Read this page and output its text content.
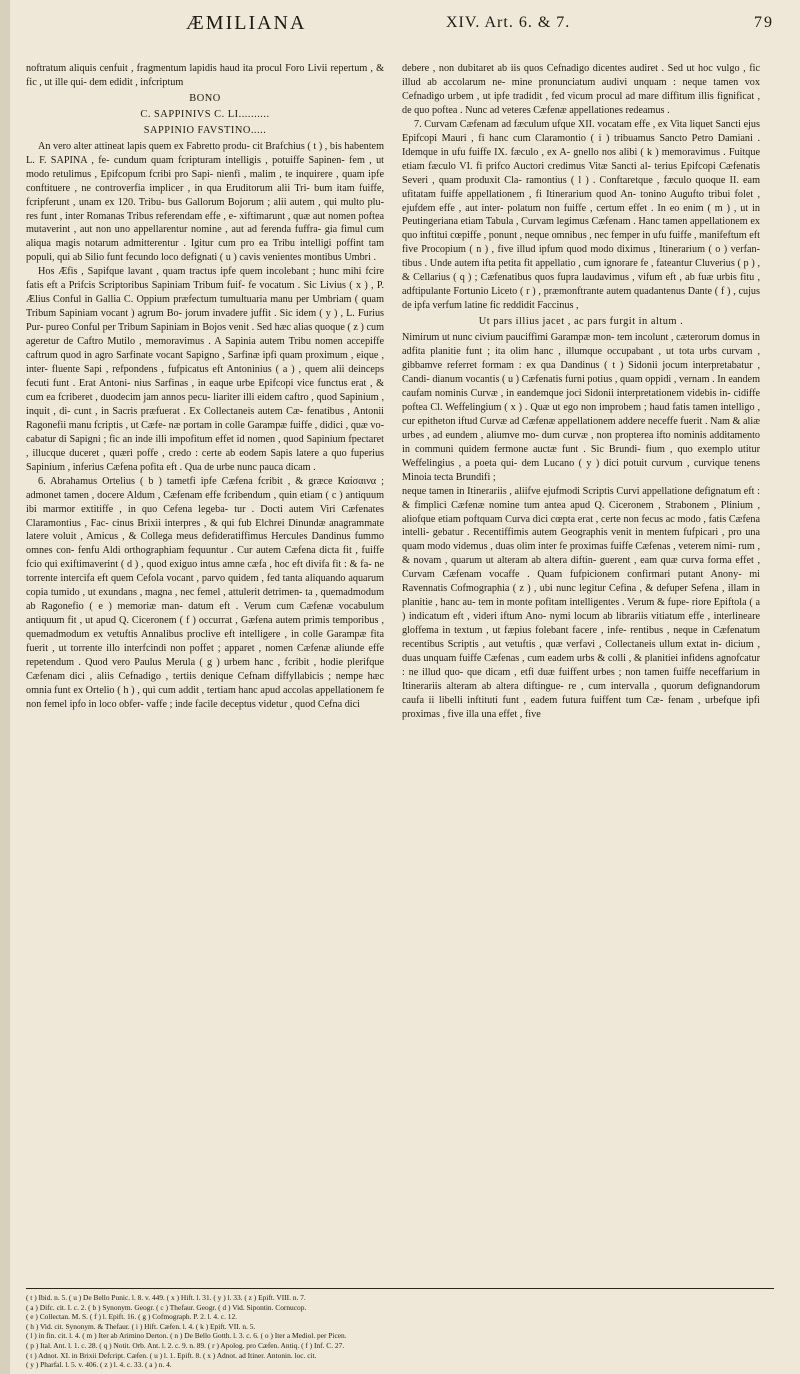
ÆMILIANA	XIV. Art. 6. & 7.	79

noftratum aliquis cenfuit , fragmentum lapidis haud ita procul Foro Livii repertum , & fic , ut ille qui- dem edidit , infcriptum

BONO
C. SAPPINIVS C. LI..........
SAPPINIO FAVSTINO.....

An vero alter attineat lapis quem ex Fabretto produ- cit Brafchius ( t ) , bis habentem L. F. SAPINA , fe- cundum quam fcripturam intelligis , potuiffe Sapinen- fem , ut modo retulimus , Epifcopum fcribi pro Sapi- nienfi , malim , te inquirere , quam ipfe conftituere , ne controverfia implicer , in qua Eruditorum alii Tri- bum itam fuiffe, fcripferunt , unam ex 120. Tribu- bus Gallorum Bojorum ; alii autem , qui multo plu- res funt , inter Romanas Tribus referendam effe , e- xiftimarunt , quæ aut nomen poftea mutaverint , aut non uno appellarentur nomine , aut ad ferenda fuffra- gia fimul cum aliqua magis notarum admitterentur . Igitur cum pro ea Tribu intelligi poffint tam populi, qui ab Silio funt fecundo loco defignati ( u ) cavis venientes montibus Umbri .

Hos Æfis , Sapifque lavant , quam tractus ipfe quem incolebant ; hunc mihi fcire fatis eft a Prifcis Scriptoribus Sapiniam Tribum fuif- fe vocatum . Sic Livius ( x ) , P. Ælius Conful in Gallia C. Oppium præfectum tumultuaria manu per Umbriam ( quam Tribum Sapiniam vocant ) agrum Bo- jorum invadere juffit . Sic idem ( y ) , L. Furius Pur- pureo Conful per Tribum Sapiniam in Bojos venit . Sed hæc alias quoque ( z ) cum ageretur de Caftro Mutilo , memoravimus . A Sapinia autem Tribu nomen accepiffe caftrum quod in agro Sarfinate vocant Sapigno , Sarfinæ ipfi quam proximum , eique , inter- fluente Sapi , refpondens , fufpicatus eft Antoninius ( a ) , quem alii deinceps fecuti funt . Erat Antoni- nius Sarfinas , in eaque urbe Epifcopi vice functus erat , & cum ea fcriberet , duodecim jam annos pecu- liariter illi eidem caftro , quod Sapinium , inquit , di- cunt , in Sacris præfuerat . Ex Collectaneis autem Cæ- fenatibus , Antonii Ragonefii manu fcriptis , ut Cæfe- næ portam in colle Garampæ fuiffe , didici , quæ vo- cabatur di Sapigni ; fic an inde illi impofitum effet id nomen , quod Sapinium fpectaret , illucque duceret , quæri poffe , credo : certe ab eodem Sapis latere a quo fuperius Sapinium , inferius Cæfena pofita eft . Qua de urbe nunc pauca dicam .

6. Abrahamus Ortelius ( b ) tametfi ipfe Cæfena fcribit , & græce Καίσαινα ; admonet tamen , docere Aldum , Cæfenam effe fcribendum , quin etiam ( c ) antiquum ibi marmor extitiffe , in quo Cefena legeba- tur . Docti autem Viri Cæfenates Claramontius , Fac- cinus Brixii interpres , & qui fub Elchrei Dinundæ anagrammate latere voluit , Amicus , & Collega meus defideratiffimus Hercules Dandinus fummo omnes con- fenfu Aldi orthographiam fequuntur . Cur autem Cæfena dicta fit , fuiffe fcio qui exiftimaverint ( d ) , quod exiguo intus amne cæfa , hoc eft divifa fit : & fa- ne torrente intercifa eft quem Cefola vocant , parvo quidem , fed tanta aliquando aquarum copia tumido , ut exundans , magna , nec femel , attulerit detrimen- ta , quemadmodum ab Ragonefio ( e ) memoriæ man- datum eft . Verum cum Cæfenæ vocabulum antiquum fit , ut apud Q. Ciceronem ( f ) occurrat , Gæfena autem primis temporibus , quemadmodum ex vetuftis Annalibus proclive eft intelligere , in colle Garampæ fita fuerit , ut torrente illo interfcindi non poffet ; apparet , nomen Cæfenæ aliunde effe repetendum . Quod vero Paulus Merula ( g ) urbem hanc , fcribit , hodie plerifque Cæfenam dici , aliis Cefnadigo , tertiis denique Cefnam diffyllabicis ; nempe hæc omnia funt ex Ortelio ( h ) , qui cum addit , tertiam hanc apud accolas appellationem fe non femel ipfo in loco obfer- vaffe ; inde facile deceptus videtur , quod Cefna dici

debere , non dubitaret ab iis quos Cefnadigo dicentes audiret . Sed ut hoc vulgo , fic illud ab accolarum ne- mine pronunciatum audivi unquam : neque tamen vox Cefnadigo urbem , ut ipfe tradidit , fed vicum procul ad mare diffitum illis fignificat , de quo poftea . Nunc ad veteres Cæfenæ appellationes redeamus .

7. Curvam Cæfenam ad fæculum ufque XII. vocatam effe , ex Vita liquet Sancti ejus Epifcopi Mauri , fi hanc cum Claramontio ( i ) tribuamus Sancto Petro Damiani . Idemque in ufu fuiffe IX. fæculo , ex A- gnello nos alibi ( k ) memoravimus . Fuitque etiam fæculo VI. fi prifco Auctori credimus Vitæ Sancti al- terius Epifcopi Cæfenatis Severi , quam produxit Cla- ramontius ( l ) . Conftaretque , fæculo quoque II. eam ufitatam fuiffe appellationem , fi Itinerarium quod An- tonino Augufto tribui folet , ejufdem effe , aut inter- polatum non fuiffe , certum effet . In eo enim ( m ) , ut in Peutingeriana etiam Tabula , Curvam legimus Cæfenam . Hanc tamen appellationem ex quo inftitui cœpiffe , ponunt , neque omnibus , nec femper in ufu fuiffe , manifeftum eft five Procopium ( n ) , five illud ipfum quod modo diximus , Itinerarium ( o ) verfan- tibus . Unde autem ifta petita fit appellatio , cum ignorare fe , fateantur Cluverius ( p ) , & Cellarius ( q ) ; Cæfenatibus quos fupra laudavimus , vifum eft , ab fuæ urbis fitu , adftipulante Fortunio Liceto ( r ) , præmonftrante autem quadantenus Dante ( f ) , cujus de ipfa verfum latine fic reddidit Faccinus ,

Ut pars illius jacet , ac pars furgit in altum .

Nimirum ut nunc civium pauciffimi Garampæ mon- tem incolunt , cæterorum domus in adfita planitie funt ; ita olim hanc , illumque occupabant , ut tota urbs curvam , gibbamve referret formam : ex qua Dandinus ( t ) Sidonii jocum interpretabatur , Candi- dianum vocantis ( u ) Cæfenatis furni potius , quam oppidi , vernam . In eandem caufam nominis Curvæ , in eandemque joci Sidonii interpretationem videbis in- cidiffe poftea Cl. Weffelingium ( x ) . Quæ ut ego non improbem ; haud fatis tamen intelligo , cur epitheton iftud Curvæ ad Cæfenæ appellationem addere neceffe fuerit . Nam & aliæ urbes , ad eundem , aliumve mo- dum curvæ , non propterea ifto nominis additamento in communi quidem fermone auctæ funt . Sic Brundi- fium , quo exemplo utitur Weffelingius , a poeta qui- dem Lucano ( y ) dici potuit curvum , curvique tenens Minoia tecta Brundifi ;

neque tamen in Itinerariis , aliifve ejufmodi Scriptis Curvi appellatione defignatum eft : & fimplici Cæfenæ nomine tum antea apud Q. Ciceronem , Strabonem , Plinium , aliofque etiam poftquam Curva dici cœpta erat , certe non fecus ac modo , fatis Cæfena intelli- gebatur . Recentiffimis autem Geographis venit in mentem fufpicari , pro una quam modo videmus , duas olim inter fe proximas fuiffe Cæfenas , veterem nimi- rum , & novam , quarum ut alteram ab altera diftin- guerent , eam quæ curva forma effet , Curvam Cæfenam vocaffe . Quam fufpicionem confirmari putant Anony- mi Ravennatis Cofmographia ( z ) , ubi nunc legitur Cefina , & defuper Sefena , illam in planitie , hanc au- tem in monte pofitam intelligentes . Verum & fupe- riore Epiftola ( a ) indicatum eft , videri iftum Ano- nymi locum ab librariis vitiatum effe , interlineare gloffema in textum , ut fæpius folebant facere , infe- rentibus , neque in Cæfenatum recentibus Scriptis , aut vetuftis , quæ verfavi , Collectaneis ullum extat in- dicium , duas unquam fuiffe Cæfenas , cum eadem urbs & colli , & planitiei infidens agnofcatur : ne illud quo- que dicam , etfi duæ fuiffent urbes ; non tamen fuiffe neceffarium in Itinerariis alteram ab altera diftingue- re , cum intervalla , quorum defignandorum caufa ii libelli inftituti funt , eadem futura fuiffent tum Cæ- fenam , urbefque ipfi proximas , five illa una effet , five

( t ) Ibid. n. 5. ( u ) De Bello Punic. l. 8. v. 449. ( x ) Hift. l. 31. ( y ) l. 33. ( z ) Epift. VIII. n. 7.
( a ) Difc. cit. I. c. 2. ( b ) Synonym. Geogr. ( c ) Thefaur. Geogr. ( d ) Vid. Sipontin. Cornucop.
( e ) Collectan. M. S. ( f ) l. Epift. 16. ( g ) Cofmograph. P. 2. l. 4. c. 12.
( h ) Vid. cit. Synonym. & Thefaur. ( i ) Hift. Cæfen. l. 4. ( k ) Epift. VII. n. 5.
( l ) in fin. cit. l. 4. ( m ) Iter ab Arimino Derton. ( n ) De Bello Gotth. l. 3. c. 6. ( o ) Iter a Mediol. per Picen.
( p ) Ital. Ant. l. 1. c. 28. ( q ) Notit. Orb. Ant. l. 2. c. 9. n. 89. ( r ) Apolog. pro Cæfen. Antiq. ( f ) Inf. C. 27.
( t ) Adnot. XI. in Brixii Defcript. Cæfen. ( u ) l. 1. Epift. 8. ( x ) Adnot. ad Itiner. Antonin. loc. cit.
( y ) Pharfal. l. 5. v. 406. ( z ) l. 4. c. 33. ( a ) n. 4.
